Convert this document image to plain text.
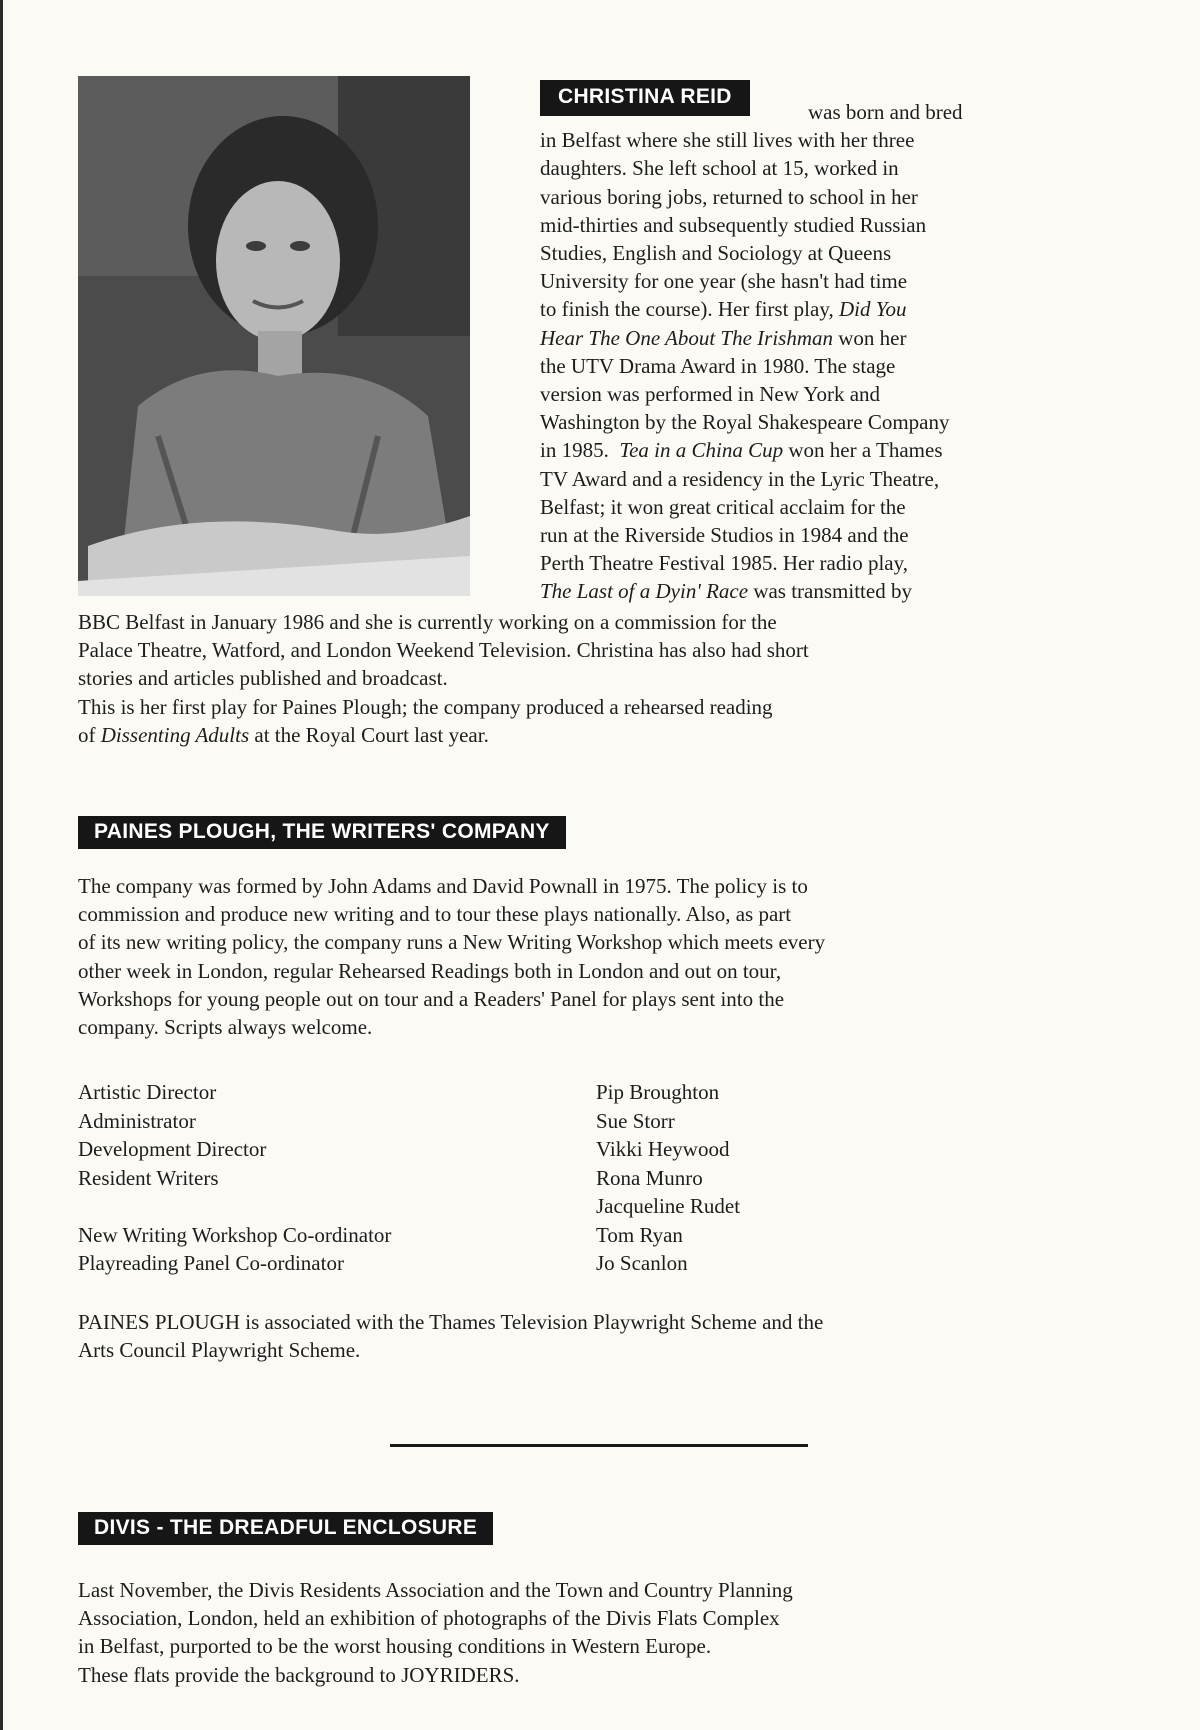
CHRISTINA REID
was born and bred
in Belfast where she still lives with her three
daughters. She left school at 15, worked in
various boring jobs, returned to school in her
mid-thirties and subsequently studied Russian
Studies, English and Sociology at Queens
University for one year (she hasn't had time
to finish the course). Her first play, Did You
Hear The One About The Irishman won her
the UTV Drama Award in 1980. The stage
version was performed in New York and
Washington by the Royal Shakespeare Company
in 1985. Tea in a China Cup won her a Thames
TV Award and a residency in the Lyric Theatre,
Belfast; it won great critical acclaim for the
run at the Riverside Studios in 1984 and the
Perth Theatre Festival 1985. Her radio play,
The Last of a Dyin' Race was transmitted by
BBC Belfast in January 1986 and she is currently working on a commission for the
Palace Theatre, Watford, and London Weekend Television. Christina has also had short
stories and articles published and broadcast.
This is her first play for Paines Plough; the company produced a rehearsed reading
of Dissenting Adults at the Royal Court last year.
PAINES PLOUGH, THE WRITERS' COMPANY
The company was formed by John Adams and David Pownall in 1975. The policy is to
commission and produce new writing and to tour these plays nationally. Also, as part
of its new writing policy, the company runs a New Writing Workshop which meets every
other week in London, regular Rehearsed Readings both in London and out on tour,
Workshops for young people out on tour and a Readers' Panel for plays sent into the
company. Scripts always welcome.
Artistic Director	Pip Broughton
Administrator	Sue Storr
Development Director	Vikki Heywood
Resident Writers	Rona Munro
Jacqueline Rudet
New Writing Workshop Co-ordinator	Tom Ryan
Playreading Panel Co-ordinator	Jo Scanlon
PAINES PLOUGH is associated with the Thames Television Playwright Scheme and the
Arts Council Playwright Scheme.
DIVIS - THE DREADFUL ENCLOSURE
Last November, the Divis Residents Association and the Town and Country Planning
Association, London, held an exhibition of photographs of the Divis Flats Complex
in Belfast, purported to be the worst housing conditions in Western Europe.
These flats provide the background to JOYRIDERS.
